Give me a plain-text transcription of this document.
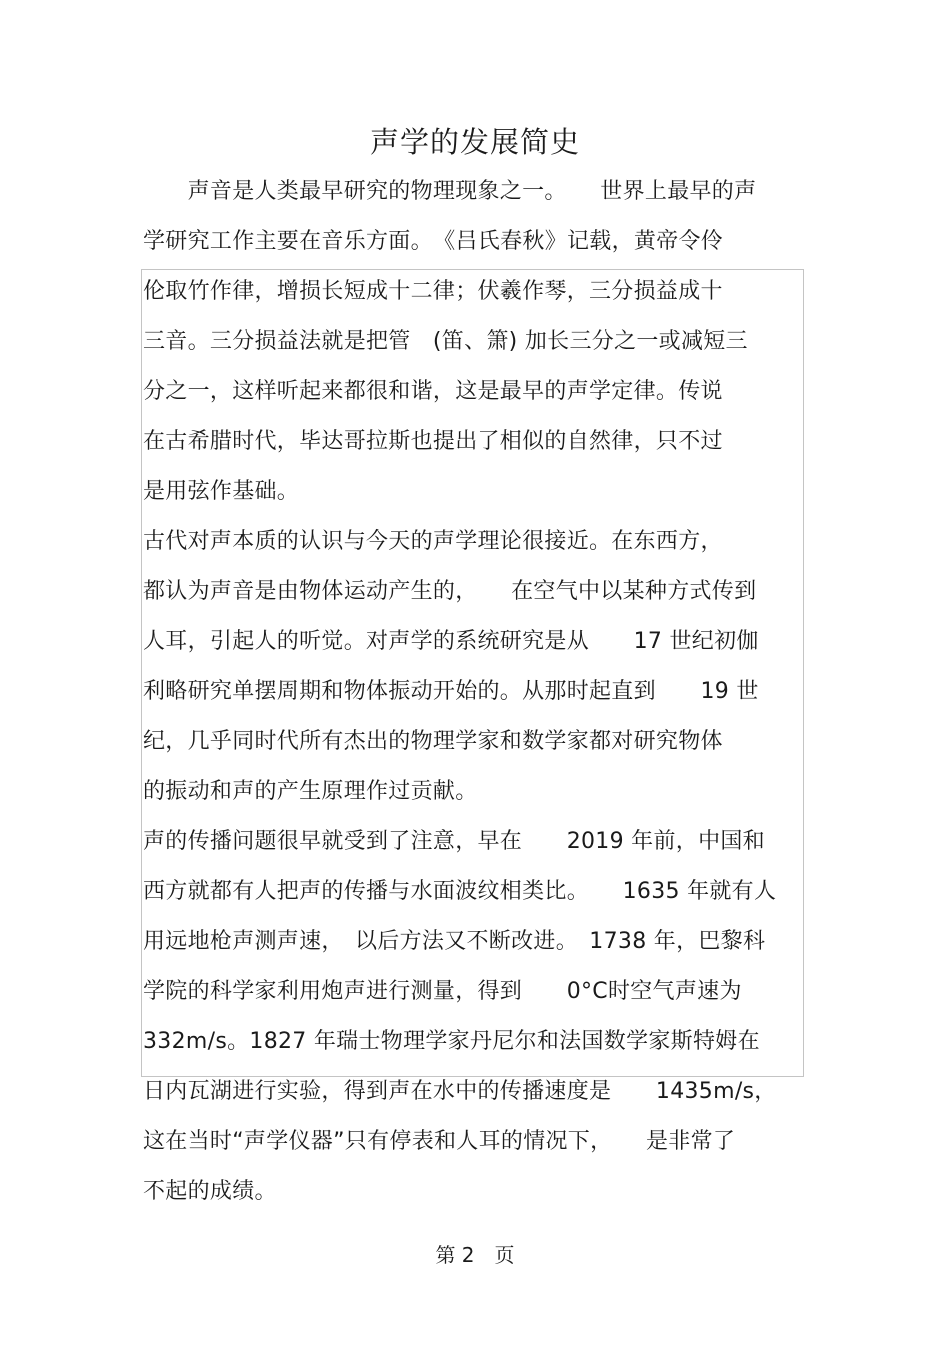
声学的发展简史
　　声音是人类最早研究的物理现象之一。　　世界上最早的声
学研究工作主要在音乐方面。　《吕氏春秋》记载，黄帝令伶
伦取竹作律，增损长短成十二律；伏羲作琴，三分损益成十
三音。三分损益法就是把管　(笛、箫) 加长三分之一或减短三
分之一，这样听起来都很和谐，这是最早的声学定律。传说
在古希腊时代，毕达哥拉斯也提出了相似的自然律，只不过
是用弦作基础。
古代对声本质的认识与今天的声学理论很接近。在东西方，
都认为声音是由物体运动产生的，　　在空气中以某种方式传到
人耳，引起人的听觉。对声学的系统研究是从　　17 世纪初伽
利略研究单摆周期和物体振动开始的。从那时起直到　　19 世
纪，几乎同时代所有杰出的物理学家和数学家都对研究物体
的振动和声的产生原理作过贡献。
声的传播问题很早就受到了注意，早在　　2019 年前，中国和
西方就都有人把声的传播与水面波纹相类比。　　1635 年就有人
用远地枪声测声速，　以后方法又不断改进。　1738 年，巴黎科
学院的科学家利用炮声进行测量，得到　　0°C时空气声速为
332m/s。1827 年瑞士物理学家丹尼尔和法国数学家斯特姆在
日内瓦湖进行实验，得到声在水中的传播速度是　　1435m/s，
这在当时“声学仪器”只有停表和人耳的情况下，　　是非常了
不起的成绩。
第 2　页
